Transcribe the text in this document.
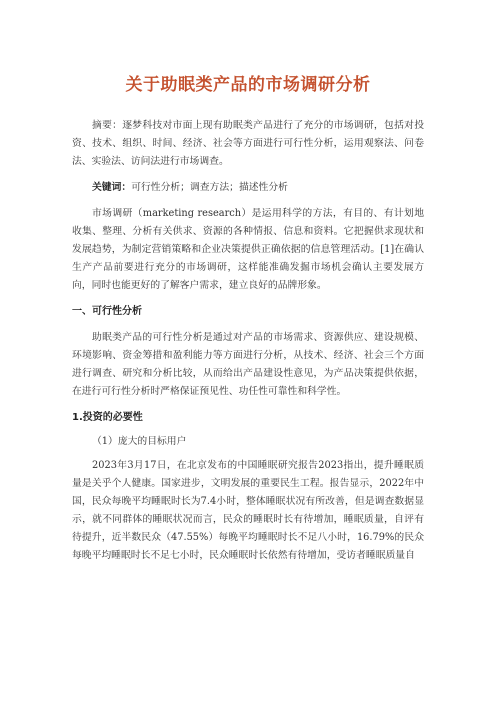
关于助眠类产品的市场调研分析

摘要：逐梦科技对市面上现有助眠类产品进行了充分的市场调研，包括对投资、技术、组织、时间、经济、社会等方面进行可行性分析，运用观察法、问卷法、实验法、访问法进行市场调查。

关键词：可行性分析；调查方法；描述性分析

市场调研（marketing research）是运用科学的方法，有目的、有计划地收集、整理、分析有关供求、资源的各种情报、信息和资料。它把握供求现状和发展趋势，为制定营销策略和企业决策提供正确依据的信息管理活动。[1]在确认生产产品前要进行充分的市场调研，这样能准确发掘市场机会确认主要发展方向，同时也能更好的了解客户需求，建立良好的品牌形象。

一、可行性分析

助眠类产品的可行性分析是通过对产品的市场需求、资源供应、建设规模、环境影响、资金筹措和盈利能力等方面进行分析，从技术、经济、社会三个方面进行调查、研究和分析比较，从而给出产品建设性意见，为产品决策提供依据，在进行可行性分析时严格保证预见性、功任性可靠性和科学性。

1.投资的必要性

（1）庞大的目标用户

2023年3月17日，在北京发布的中国睡眠研究报告2023指出，提升睡眠质量是关乎个人健康。国家进步，文明发展的重要民生工程。报告显示，2022年中国，民众每晚平均睡眠时长为7.4小时，整体睡眠状况有所改善，但是调查数据显示，就不同群体的睡眠状况而言，民众的睡眠时长有待增加，睡眠质量，自评有待提升，近半数民众（47.55%）每晚平均睡眠时长不足八小时，16.79%的民众每晚平均睡眠时长不足七小时，民众睡眠时长依然有待增加，受访者睡眠质量自
